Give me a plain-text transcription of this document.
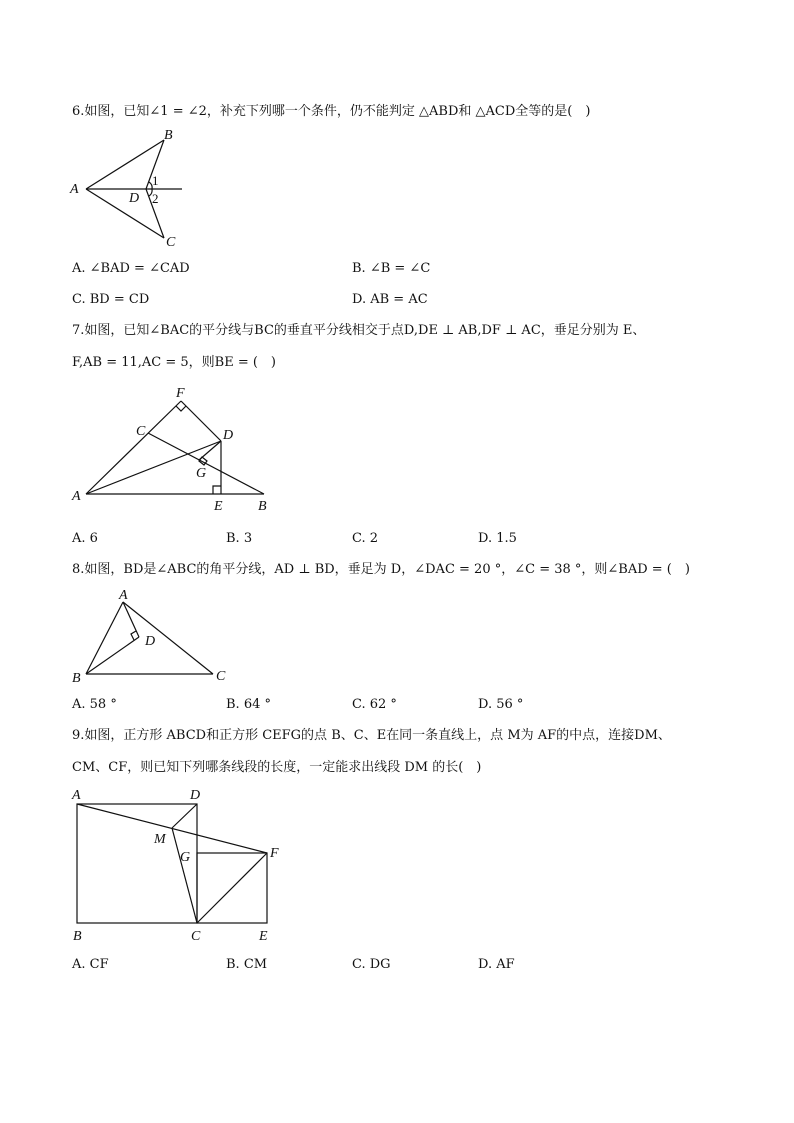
6.如图，已知∠1 = ∠2，补充下列哪一个条件，仍不能判定 △ABD和 △ACD全等的是(　)
A
B
C
D
1
2
A. ∠BAD = ∠CAD	B. ∠B = ∠C
C. BD = CD	D. AB = AC
7.如图，已知∠BAC的平分线与BC的垂直平分线相交于点D,DE ⊥ AB,DF ⊥ AC，垂足分别为 E、
F,AB = 11,AC = 5，则BE = (　)
F
C	D
G
A
E	B
A. 6	B. 3	C. 2	D. 1.5
8.如图，BD是∠ABC的角平分线，AD ⊥ BD，垂足为 D，∠DAC = 20 °，∠C = 38 °，则∠BAD = (　)
A
D
B	C
A. 58 °	B. 64 °	C. 62 °	D. 56 °
9.如图，正方形 ABCD和正方形 CEFG的点 B、C、E在同一条直线上，点 M为 AF的中点，连接DM、
CM、CF，则已知下列哪条线段的长度，一定能求出线段 DM 的长(　)
A	D
M
G	F
B	C	E
A. CF	B. CM	C. DG	D. AF
